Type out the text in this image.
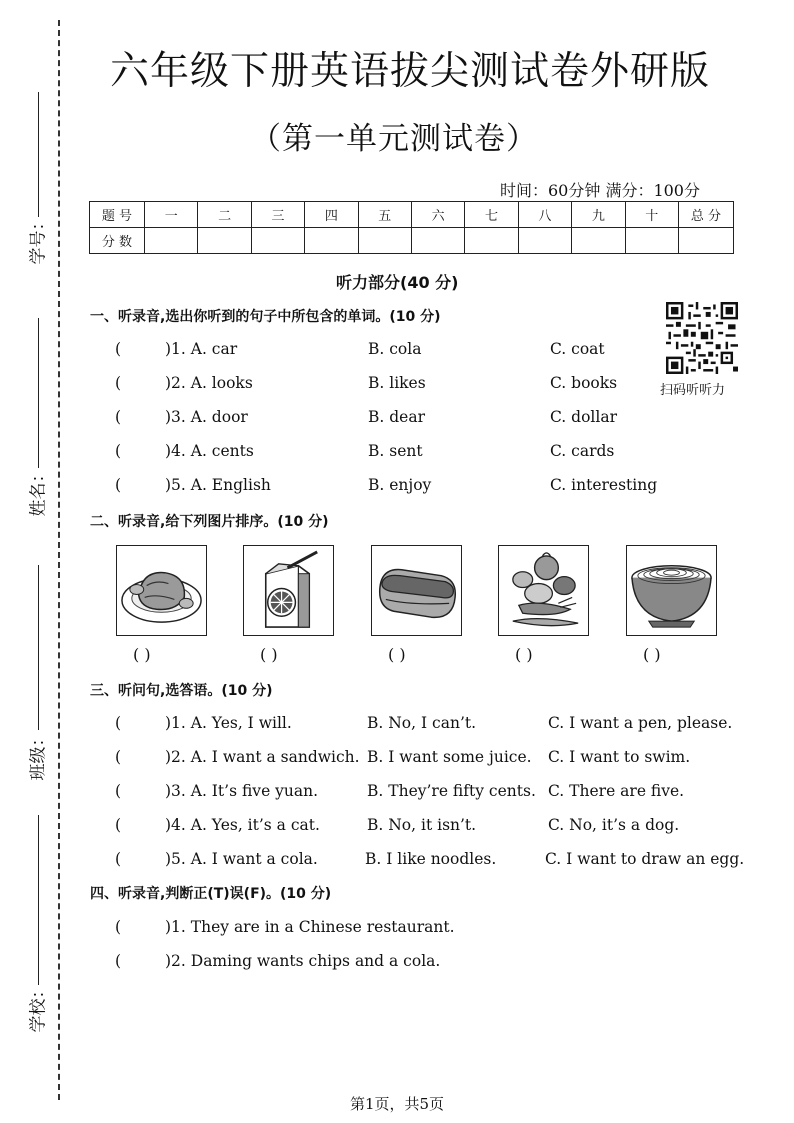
学号：
姓名：
班级：
学校：
六年级下册英语拔尖测试卷外研版
（第一单元测试卷）
时间：60分钟 满分：100分
题 号	一	二	三	四	五	六	七	八	九	十	总 分
分 数											
听力部分(40 分)
一、听录音,选出你听到的句子中所包含的单词。(10 分)
(	)1. A. car	B. cola	C. coat
(	)2. A. looks	B. likes	C. books
(	)3. A. door	B. dear	C. dollar
(	)4. A. cents	B. sent	C. cards
(	)5. A. English	B. enjoy	C. interesting
扫码听听力
二、听录音,给下列图片排序。(10 分)
( )	( )	( )	( )	( )
三、听问句,选答语。(10 分)
(	)1. A. Yes, I will.	B. No, I can’t.	C. I want a pen, please.
(	)2. A. I want a sandwich. B. I want some juice. C. I want to swim.
(	)3. A. It’s five yuan.	B. They’re fifty cents. C. There are five.
(	)4. A. Yes, it’s a cat.	B. No, it isn’t.	C. No, it’s a dog.
(	)5. A. I want a cola.	B. I like noodles.	C. I want to draw an egg.
四、听录音,判断正(T)误(F)。(10 分)
(	)1. They are in a Chinese restaurant.
(	)2. Daming wants chips and a cola.
第1页，共5页
